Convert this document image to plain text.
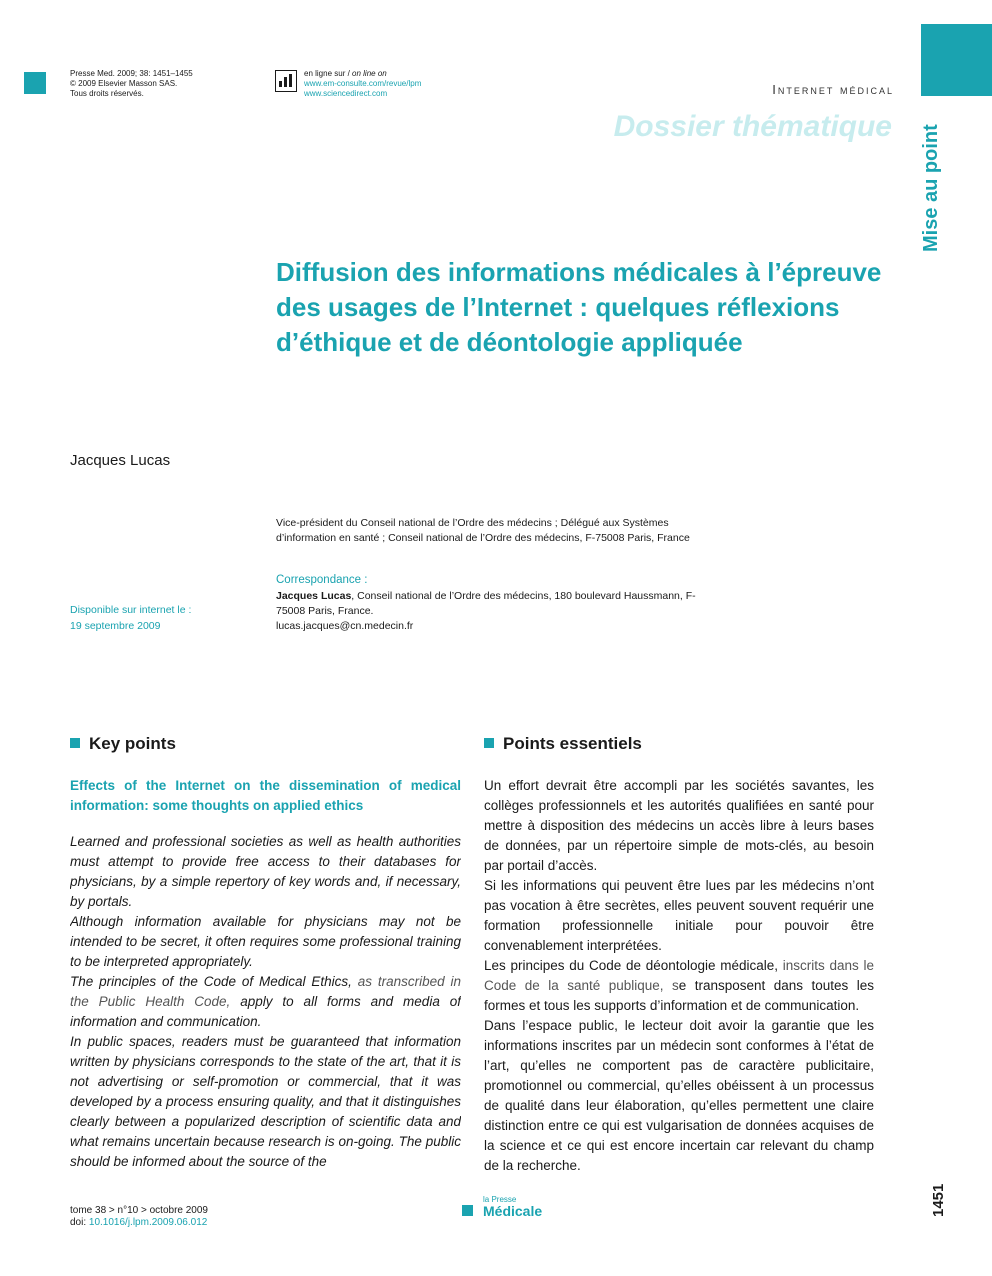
Presse Med. 2009; 38: 1451–1455
© 2009 Elsevier Masson SAS.
Tous droits réservés.
en ligne sur / on line on
www.em-consulte.com/revue/lpm
www.sciencedirect.com	Internet médical
Dossier thématique Mise au point
Diffusion des informations médicales à l’épreuve des usages de l’Internet : quelques réflexions d’éthique et de déontologie appliquée
Jacques Lucas
Vice-président du Conseil national de l’Ordre des médecins ; Délégué aux Systèmes d’information en santé ; Conseil national de l’Ordre des médecins, F-75008 Paris, France
Correspondance :
Jacques Lucas, Conseil national de l’Ordre des médecins, 180 boulevard Haussmann, F-75008 Paris, France.
lucas.jacques@cn.medecin.fr
Disponible sur internet le :
19 septembre 2009
Key points
Effects of the Internet on the dissemination of medical information: some thoughts on applied ethics

Learned and professional societies as well as health authorities must attempt to provide free access to their databases for physicians, by a simple repertory of key words and, if necessary, by portals.

Although information available for physicians may not be intended to be secret, it often requires some professional training to be interpreted appropriately.

The principles of the Code of Medical Ethics, as transcribed in the Public Health Code, apply to all forms and media of information and communication.

In public spaces, readers must be guaranteed that information written by physicians corresponds to the state of the art, that it is not advertising or self-promotion or commercial, that it was developed by a process ensuring quality, and that it distinguishes clearly between a popularized description of scientific data and what remains uncertain because research is on-going. The public should be informed about the source of the

Points essentiels

Un effort devrait être accompli par les sociétés savantes, les collèges professionnels et les autorités qualifiées en santé pour mettre à disposition des médecins un accès libre à leurs bases de données, par un répertoire simple de mots-clés, au besoin par portail d’accès.

Si les informations qui peuvent être lues par les médecins n’ont pas vocation à être secrètes, elles peuvent souvent requérir une formation professionnelle initiale pour pouvoir être convenablement interprétées.

Les principes du Code de déontologie médicale, inscrits dans le Code de la santé publique, se transposent dans toutes les formes et tous les supports d’information et de communication.

Dans l’espace public, le lecteur doit avoir la garantie que les informations inscrites par un médecin sont conformes à l’état de l’art, qu’elles ne comportent pas de caractère publicitaire, promotionnel ou commercial, qu’elles obéissent à un processus de qualité dans leur élaboration, qu’elles permettent une claire distinction entre ce qui est vulgarisation de données acquises de la science et ce qui est encore incertain car relevant du champ de la recherche.

tome 38 > n°10 > octobre 2009
doi: 10.1016/j.lpm.2009.06.012
la Presse
Médicale	1451
